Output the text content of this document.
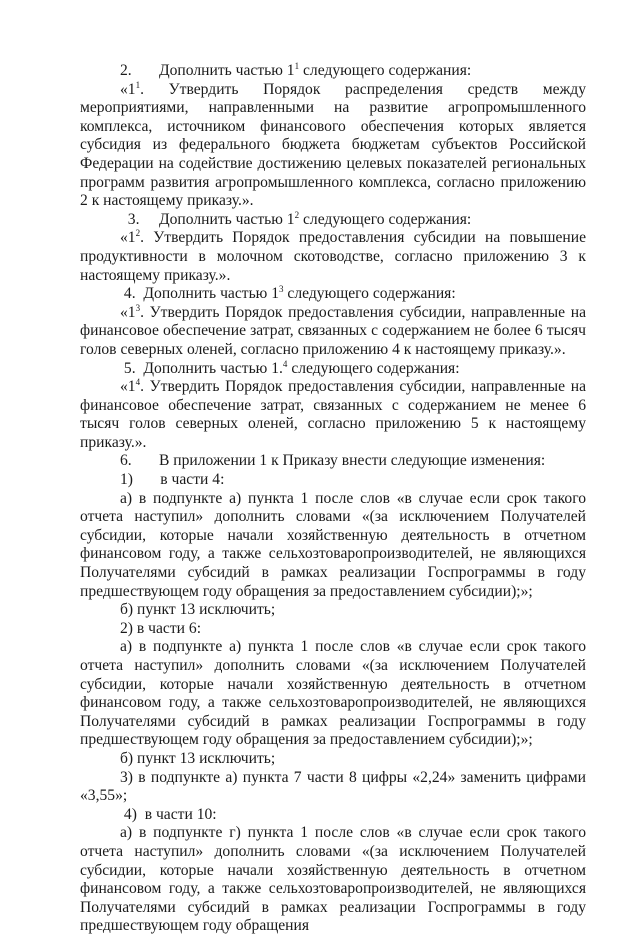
2.       Дополнить частью $1^1$ следующего содержания:

«$1^1$. Утвердить Порядок распределения средств между мероприятиями, направленными на развитие агропромышленного комплекса, источником финансового обеспечения которых является субсидия из федерального бюджета бюджетам субъектов Российской Федерации на содействие достижению целевых показателей региональных программ развития агропромышленного комплекса, согласно приложению 2 к настоящему приказу.».

3.     Дополнить частью $1^2$ следующего содержания:

«$1^2$. Утвердить Порядок предоставления субсидии на повышение продуктивности в молочном скотоводстве, согласно приложению 3 к настоящему приказу.».

4.  Дополнить частью $1^3$ следующего содержания:

«$1^3$. Утвердить Порядок предоставления субсидии, направленные на финансовое обеспечение затрат, связанных с содержанием не более 6 тысяч голов северных оленей, согласно приложению 4 к настоящему приказу.».

5.  Дополнить частью 1.$^4$ следующего содержания:

«$1^4$. Утвердить Порядок предоставления субсидии, направленные на финансовое обеспечение затрат, связанных с содержанием не менее 6 тысяч голов северных оленей, согласно приложению 5 к настоящему приказу.».

6.       В приложении 1 к Приказу внести следующие изменения:

1)       в части 4:

а) в подпункте а) пункта 1 после слов «в случае если срок такого отчета наступил» дополнить словами «(за исключением Получателей субсидии, которые начали хозяйственную деятельность в отчетном финансовом году, а также сельхозтоваропроизводителей, не являющихся Получателями субсидий в рамках реализации Госпрограммы в году предшествующем году обращения за предоставлением субсидии);»;

б) пункт 13 исключить;

2) в части 6:

а) в подпункте а) пункта 1 после слов «в случае если срок такого отчета наступил» дополнить словами «(за исключением Получателей субсидии, которые начали хозяйственную деятельность в отчетном финансовом году, а также сельхозтоваропроизводителей, не являющихся Получателями субсидий в рамках реализации Госпрограммы в году предшествующем году обращения за предоставлением субсидии);»;

б) пункт 13 исключить;

3) в подпункте а) пункта 7 части 8 цифры «2,24» заменить цифрами «3,55»;

4)  в части 10:

а) в подпункте г) пункта 1 после слов «в случае если срок такого отчета наступил» дополнить словами «(за исключением Получателей субсидии, которые начали хозяйственную деятельность в отчетном финансовом году, а также сельхозтоваропроизводителей, не являющихся Получателями субсидий в рамках реализации Госпрограммы в году предшествующем году обращения
